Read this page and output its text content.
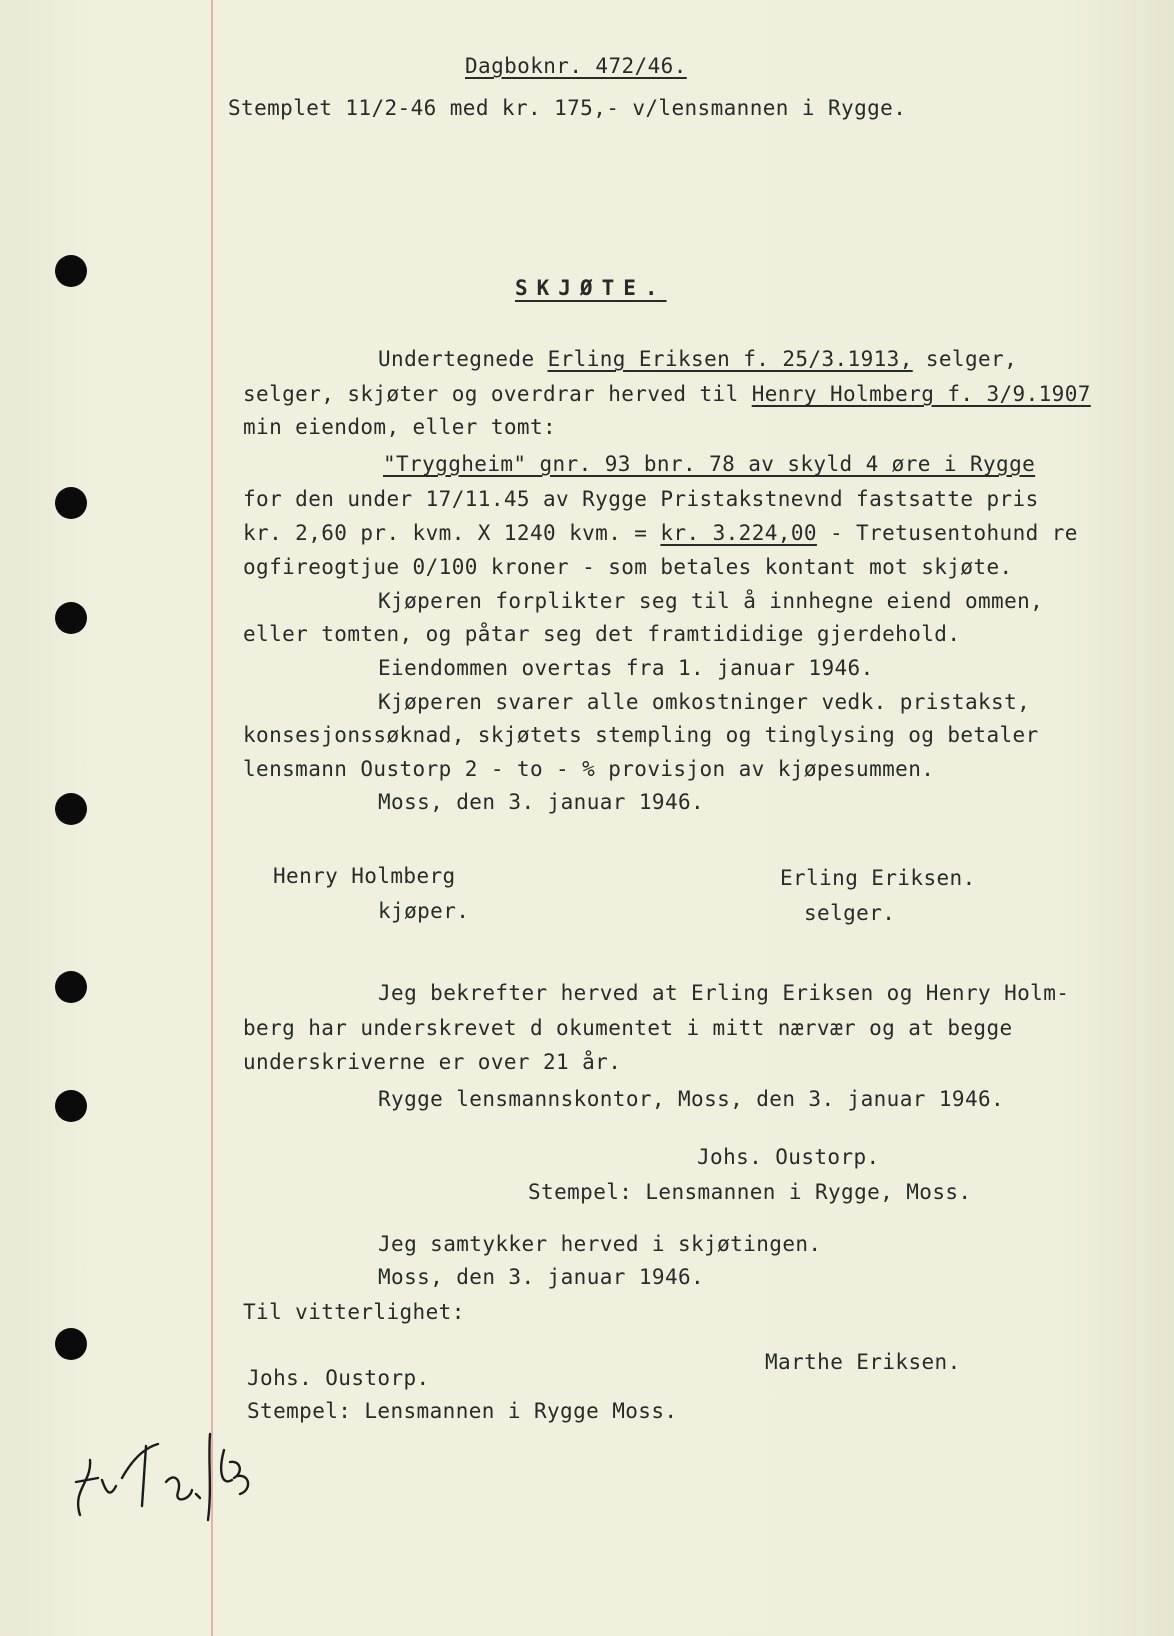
Dagboknr. 472/46.
Stemplet 11/2-46 med kr. 175,- v/lensmannen i Rygge.
SKJØTE.
Undertegnede Erling Eriksen f. 25/3.1913, selger,
selger, skjøter og overdrar herved til Henry Holmberg f. 3/9.1907
min eiendom, eller tomt:
"Tryggheim" gnr. 93 bnr. 78 av skyld 4 øre i Rygge
for den under 17/11.45 av Rygge Pristakstnevnd fastsatte pris
kr. 2,60 pr. kvm. X 1240 kvm. = kr. 3.224,00 - Tretusentohund re
ogfireogtjue 0/100 kroner - som betales kontant mot skjøte.
Kjøperen forplikter seg til å innhegne eiend ommen,
eller tomten, og påtar seg det framtididige gjerdehold.
Eiendommen overtas fra 1. januar 1946.
Kjøperen svarer alle omkostninger vedk. pristakst,
konsesjonssøknad, skjøtets stempling og tinglysing og betaler
lensmann Oustorp 2 - to - % provisjon av kjøpesummen.
Moss, den 3. januar 1946.
Henry Holmberg
kjøper.
Erling Eriksen.
selger.
Jeg bekrefter herved at Erling Eriksen og Henry Holm-
berg har underskrevet d okumentet i mitt nærvær og at begge
underskriverne er over 21 år.
Rygge lensmannskontor, Moss, den 3. januar 1946.
Johs. Oustorp.
Stempel: Lensmannen i Rygge, Moss.
Jeg samtykker herved i skjøtingen.
Moss, den 3. januar 1946.
Til vitterlighet:
Marthe Eriksen.
Johs. Oustorp.
Stempel: Lensmannen i Rygge Moss.
